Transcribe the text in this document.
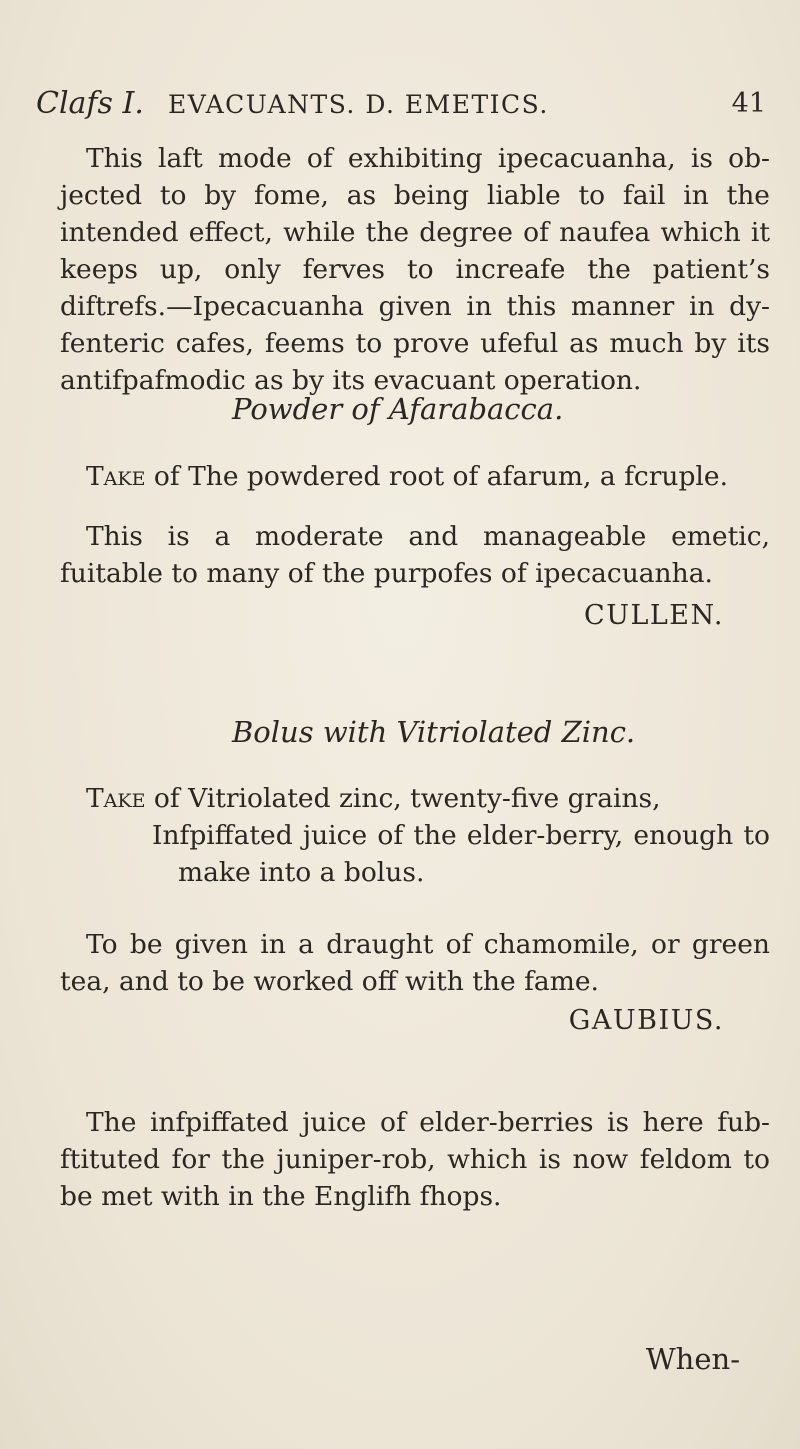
Clafs I. EVACUANTS. D. EMETICS.	41
This laft mode of exhibiting ipecacuanha, is ob- jected to by fome, as being liable to fail in the intended effect, while the degree of naufea which it keeps up, only ferves to increafe the patient’s diftrefs.—Ipecacuanha given in this manner in dy- fenteric cafes, feems to prove ufeful as much by its antifpafmodic as by its evacuant operation.
Powder of Afarabacca.
Take of The powdered root of afarum, a fcruple.
This is a moderate and manageable emetic, fuitable to many of the purpofes of ipecacuanha.
CULLEN.
Bolus with Vitriolated Zinc.
Take of Vitriolated zinc, twenty-five grains,
Infpiffated juice of the elder-berry, enough to make into a bolus.
To be given in a draught of chamomile, or green tea, and to be worked off with the fame.
GAUBIUS.
The infpiffated juice of elder-berries is here fub- ftituted for the juniper-rob, which is now feldom to be met with in the Englifh fhops.
When-
